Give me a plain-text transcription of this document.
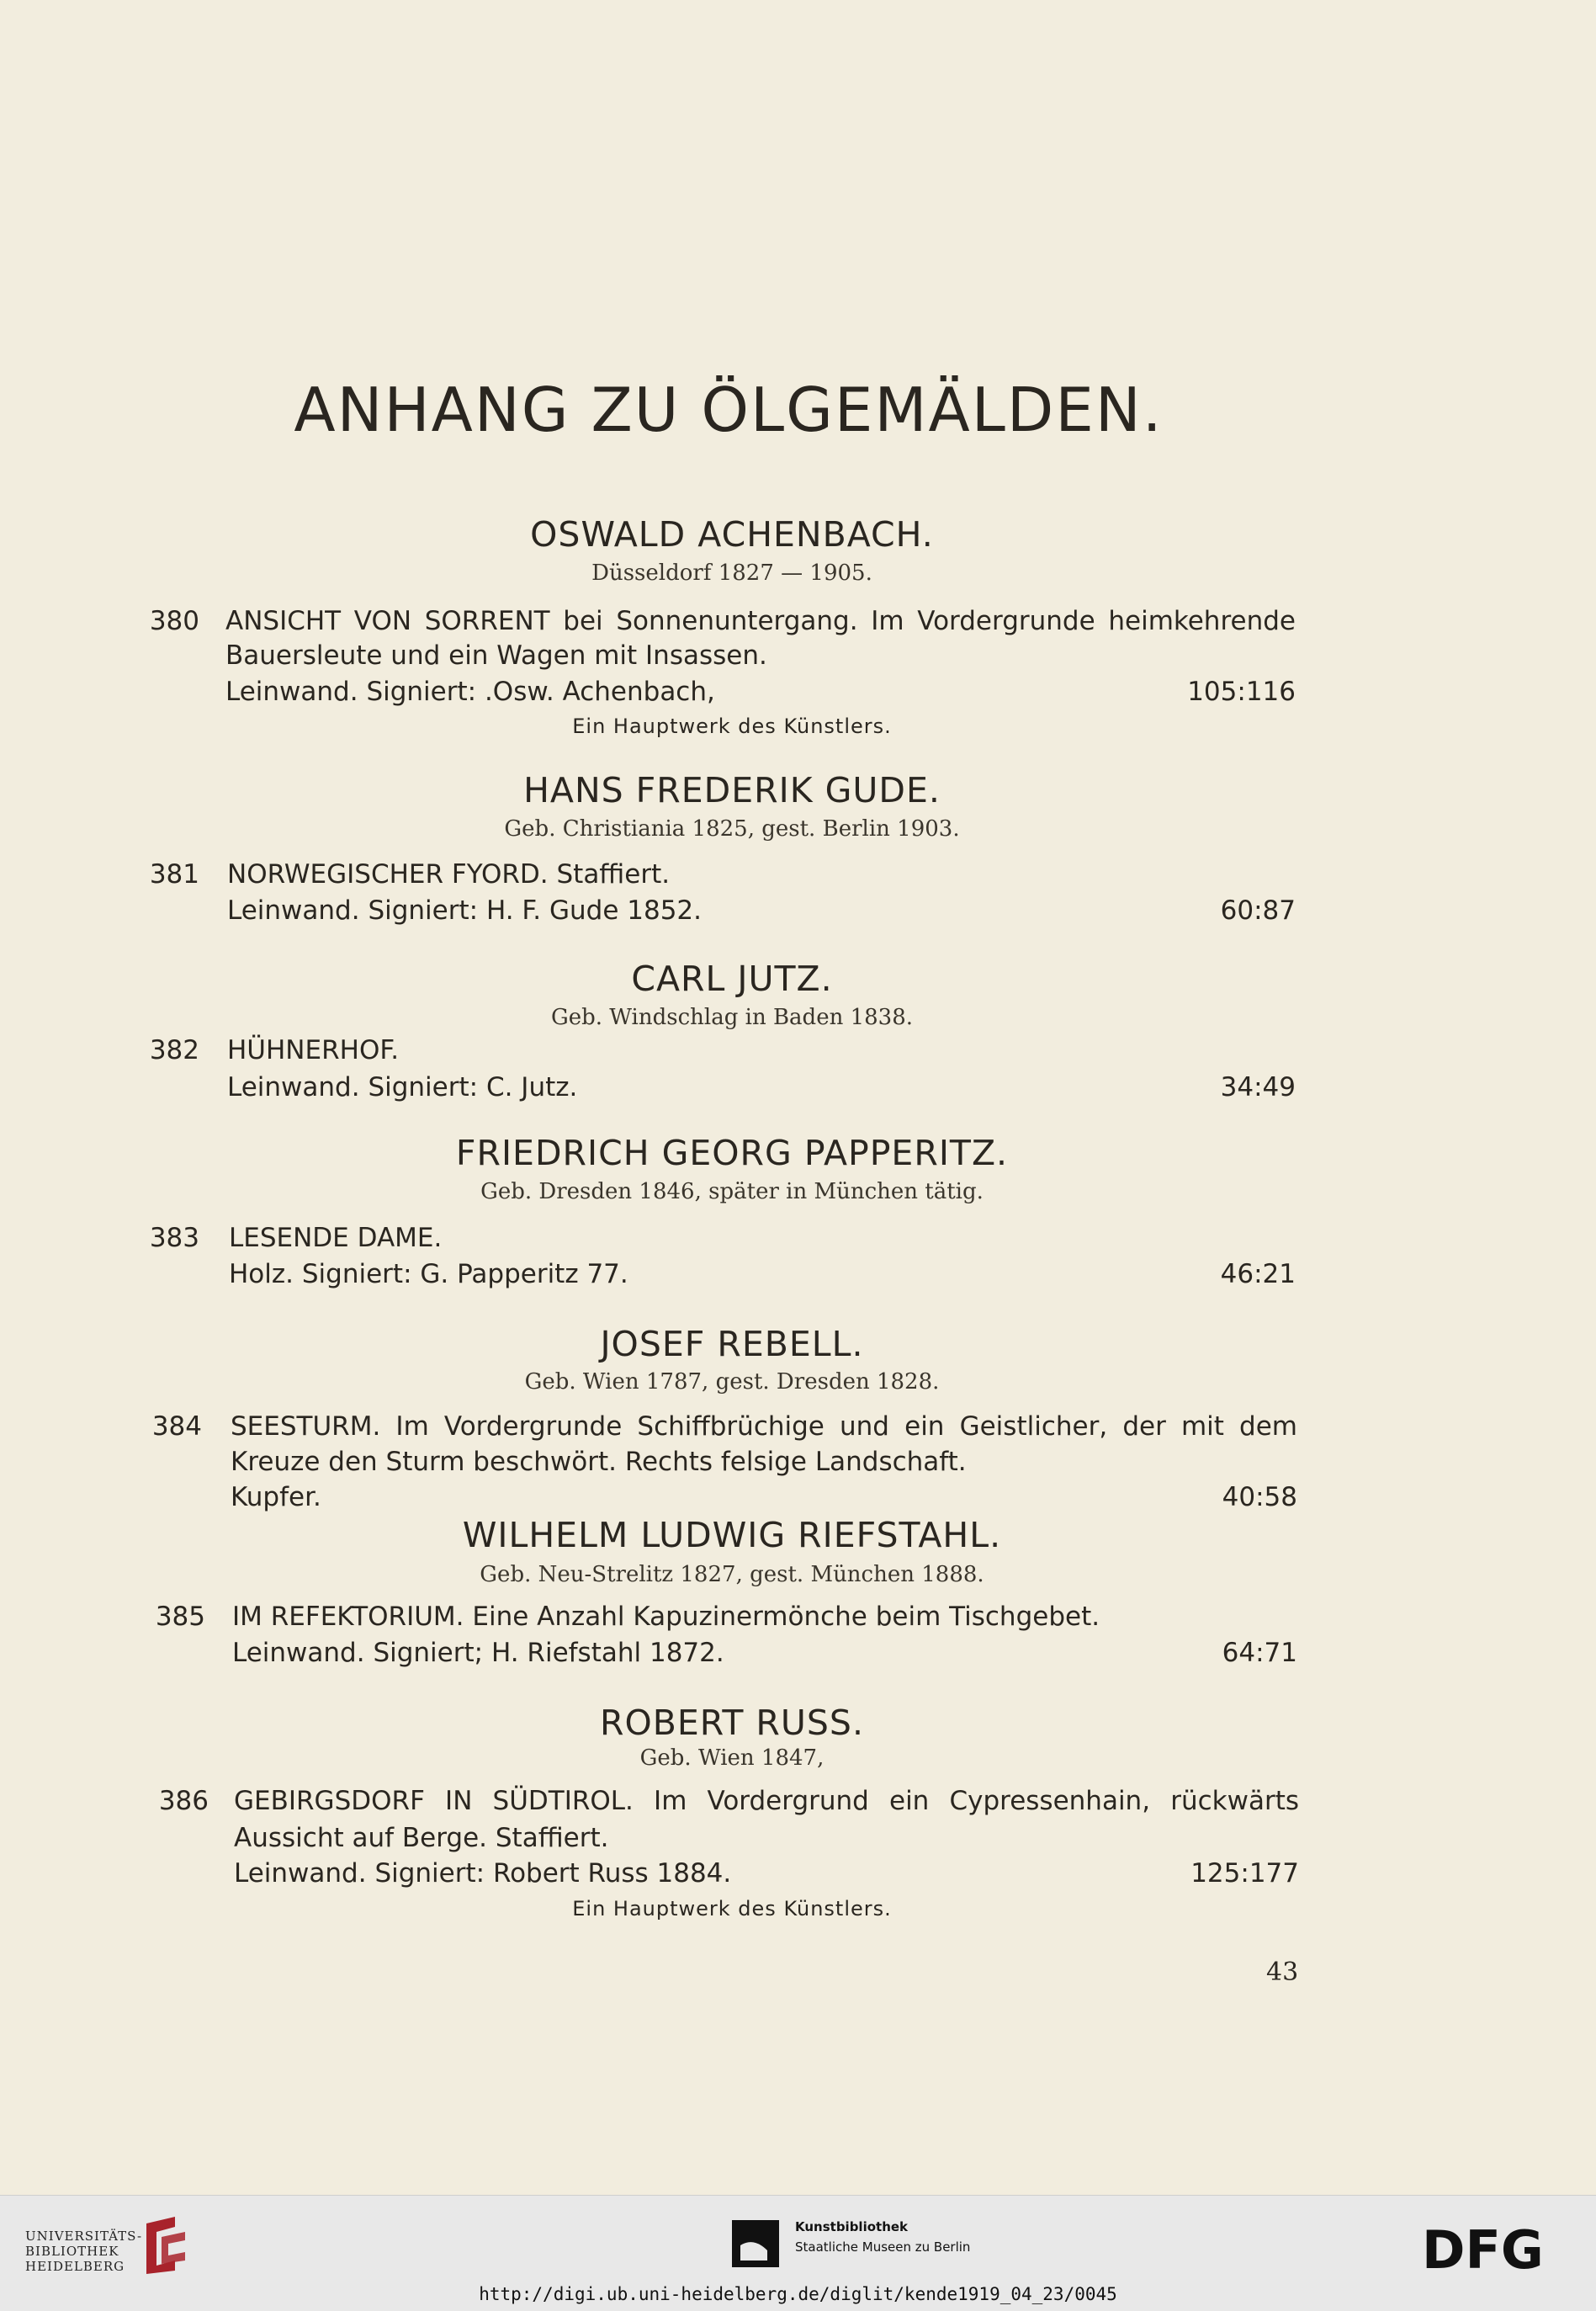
ANHANG ZU ÖLGEMÄLDEN.
OSWALD ACHENBACH.
Düsseldorf 1827 — 1905.
380 ANSICHT VON SORRENT bei Sonnenuntergang. Im Vordergrunde heimkehrende
Bauersleute und ein Wagen mit Insassen.
Leinwand. Signiert: .Osw. Achenbach,	105:116
Ein Hauptwerk des Künstlers.
HANS FREDERIK GUDE.
Geb. Christiania 1825, gest. Berlin 1903.
381 NORWEGISCHER FYORD. Staffiert.
Leinwand. Signiert: H. F. Gude 1852.	60:87
CARL JUTZ.
Geb. Windschlag in Baden 1838.
382 HÜHNERHOF.
Leinwand. Signiert: C. Jutz.	34:49
FRIEDRICH GEORG PAPPERITZ.
Geb. Dresden 1846, später in München tätig.
383 LESENDE DAME.
Holz. Signiert: G. Papperitz 77.	46:21
JOSEF REBELL.
Geb. Wien 1787, gest. Dresden 1828.
384 SEESTURM. Im Vordergrunde Schiffbrüchige und ein Geistlicher, der mit dem
Kreuze den Sturm beschwört. Rechts felsige Landschaft.
Kupfer.	40:58
WILHELM LUDWIG RIEFSTAHL.
Geb. Neu-Strelitz 1827, gest. München 1888.
385 IM REFEKTORIUM. Eine Anzahl Kapuzinermönche beim Tischgebet.
Leinwand. Signiert; H. Riefstahl 1872.	64:71
ROBERT RUSS.
Geb. Wien 1847,
386 GEBIRGSDORF IN SÜDTIROL. Im Vordergrund ein Cypressenhain, rückwärts
Aussicht auf Berge. Staffiert.
Leinwand. Signiert: Robert Russ 1884.	125:177
Ein Hauptwerk des Künstlers.
43
UNIVERSITÄTS-
BIBLIOTHEK
HEIDELBERG
Kunstbibliothek
Staatliche Museen zu Berlin	DFG
http://digi.ub.uni-heidelberg.de/diglit/kende1919_04_23/0045
